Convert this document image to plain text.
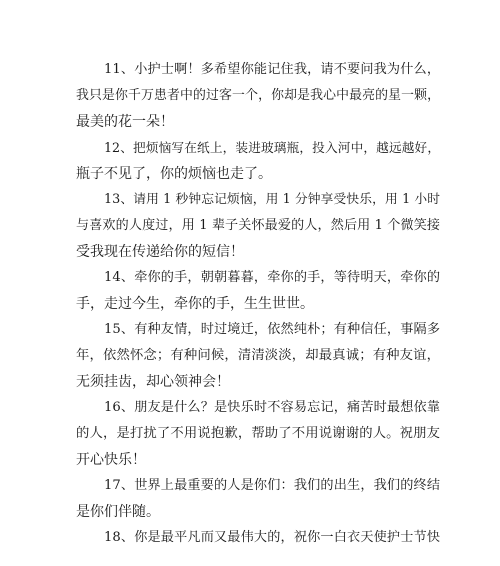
11、小护士啊！多希望你能记住我，请不要问我为什么，
我只是你千万患者中的过客一个，你却是我心中最亮的星一颗，
最美的花一朵！

12、把烦恼写在纸上，装进玻璃瓶，投入河中，越远越好，
瓶子不见了，你的烦恼也走了。

13、请用 1 秒钟忘记烦恼，用 1 分钟享受快乐，用 1 小时
与喜欢的人度过，用 1 辈子关怀最爱的人，然后用 1 个微笑接
受我现在传递给你的短信！

14、牵你的手，朝朝暮暮，牵你的手，等待明天，牵你的
手，走过今生，牵你的手，生生世世。

15、有种友情，时过境迁，依然纯朴；有种信任，事隔多
年，依然怀念；有种问候，清清淡淡，却最真诚；有种友谊，
无须挂齿，却心领神会！

16、朋友是什么？是快乐时不容易忘记，痛苦时最想依靠
的人，是打扰了不用说抱歉，帮助了不用说谢谢的人。祝朋友
开心快乐！

17、世界上最重要的人是你们：我们的出生，我们的终结
是你们伴随。

18、你是最平凡而又最伟大的，祝你一白衣天使护士节快
